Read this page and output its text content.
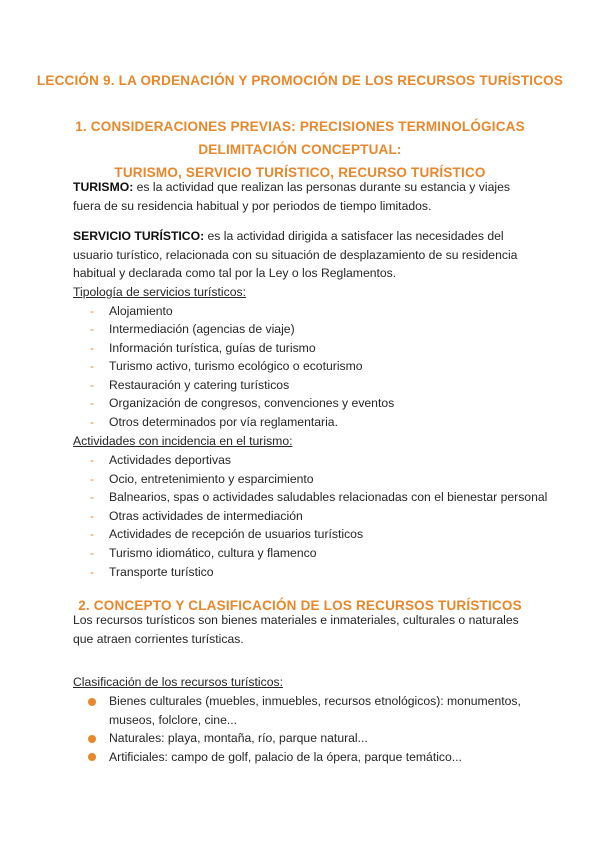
LECCIÓN 9. LA ORDENACIÓN Y PROMOCIÓN DE LOS RECURSOS TURÍSTICOS
1. CONSIDERACIONES PREVIAS: PRECISIONES TERMINOLÓGICAS DELIMITACIÓN CONCEPTUAL:
TURISMO, SERVICIO TURÍSTICO, RECURSO TURÍSTICO

TURISMO: es la actividad que realizan las personas durante su estancia y viajes fuera de su residencia habitual y por periodos de tiempo limitados.

SERVICIO TURÍSTICO: es la actividad dirigida a satisfacer las necesidades del usuario turístico, relacionada con su situación de desplazamiento de su residencia habitual y declarada como tal por la Ley o los Reglamentos.

Tipología de servicios turísticos:

- Alojamiento
- Intermediación (agencias de viaje)
- Información turística, guías de turismo
- Turismo activo, turismo ecológico o ecoturismo
- Restauración y catering turísticos
- Organización de congresos, convenciones y eventos
- Otros determinados por vía reglamentaria.

Actividades con incidencia en el turismo:

- Actividades deportivas
- Ocio, entretenimiento y esparcimiento
- Balnearios, spas o actividades saludables relacionadas con el bienestar personal
- Otras actividades de intermediación
- Actividades de recepción de usuarios turísticos
- Turismo idiomático, cultura y flamenco
- Transporte turístico
2. CONCEPTO Y CLASIFICACIÓN DE LOS RECURSOS TURÍSTICOS

Los recursos turísticos son bienes materiales e inmateriales, culturales o naturales que atraen corrientes turísticas.

Clasificación de los recursos turísticos:

Bienes culturales (muebles, inmuebles, recursos etnológicos): monumentos, museos, folclore, cine...
Naturales: playa, montaña, río, parque natural...
Artificiales: campo de golf, palacio de la ópera, parque temático...
